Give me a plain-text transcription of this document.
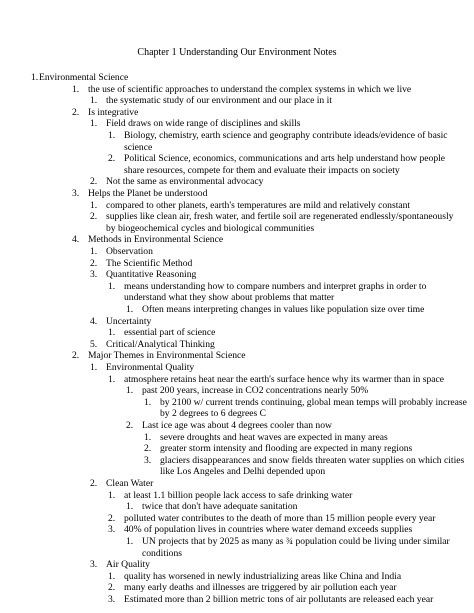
Chapter 1 Understanding Our Environment Notes
1. Environmental Science
1. the use of scientific approaches to understand the complex systems in which we live
1. the systematic study of our environment and our place in it
2. Is integrative
1. Field draws on wide range of disciplines and skills
1. Biology, chemistry, earth science and geography contribute ideads/evidence of basic
science
2. Political Science, economics, communications and arts help understand how people
share resources, compete for them and evaluate their impacts on society
2. Not the same as environmental advocacy
3. Helps the Planet be understood
1. compared to other planets, earth's temperatures are mild and relatively constant
2. supplies like clean air, fresh water, and fertile soil are regenerated endlessly/spontaneously
by biogeochemical cycles and biological communities
4. Methods in Environmental Science
1. Observation
2. The Scientific Method
3. Quantitative Reasoning
1. means understanding how to compare numbers and interpret graphs in order to
understand what they show about problems that matter
1. Often means interpreting changes in values like population size over time
4. Uncertainty
1. essential part of science
5. Critical/Analytical Thinking
2. Major Themes in Environmental Science
1. Environmental Quality
1. atmosphere retains heat near the earth's surface hence why its warmer than in space
1. past 200 years, increase in CO2 concentrations nearly 50%
1. by 2100 w/ current trends continuing, global mean temps will probably increase
by 2 degrees to 6 degrees C
2. Last ice age was about 4 degrees cooler than now
1. severe droughts and heat waves are expected in many areas
2. greater storm intensity and flooding are expected in many regions
3. glaciers disappearances and snow fields threaten water supplies on which cities
like Los Angeles and Delhi depended upon
2. Clean Water
1. at least 1.1 billion people lack access to safe drinking water
1. twice that don't have adequate sanitation
2. polluted water contributes to the death of more than 15 million people every year
3. 40% of population lives in countries where water demand exceeds supplies
1. UN projects that by 2025 as many as ¾ population could be living under similar
conditions
3. Air Quality
1. quality has worsened in newly industrializing areas like China and India
2. many early deaths and illnesses are triggered by air pollution each year
3. Estimated more than 2 billion metric tons of air pollutants are released each year
